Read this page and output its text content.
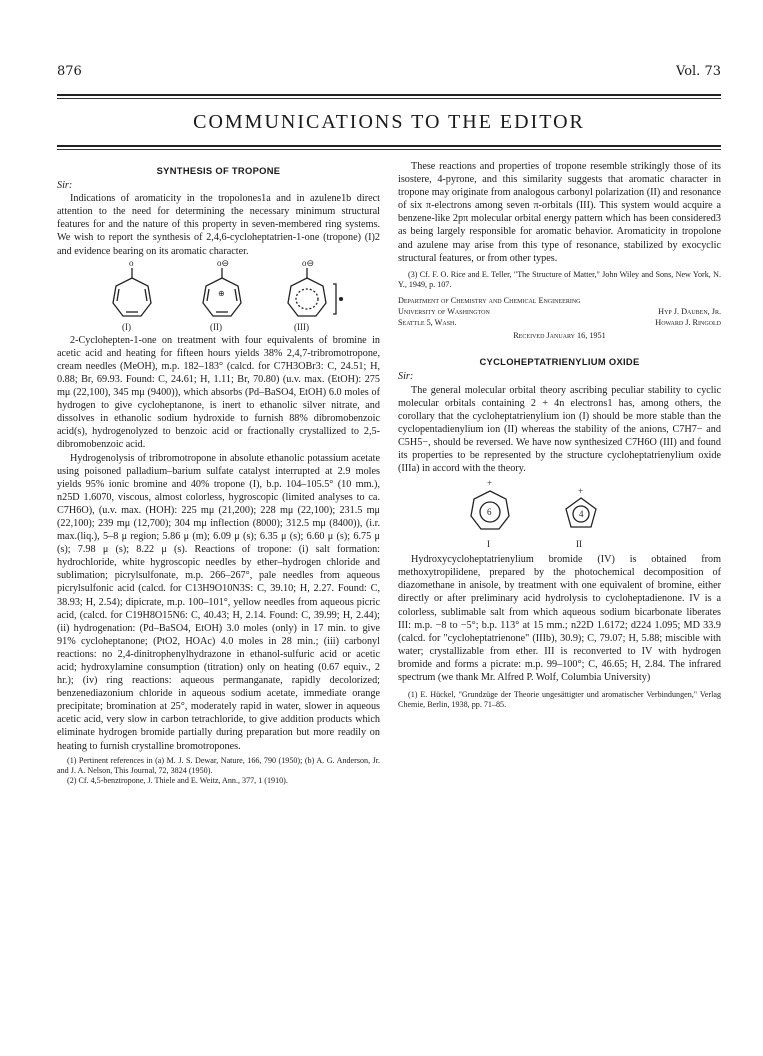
876	Vol. 73
COMMUNICATIONS TO THE EDITOR
SYNTHESIS OF TROPONE

Sir:

Indications of aromaticity in the tropolones1a and in azulene1b direct attention to the need for determining the necessary minimum structural features for and the nature of this property in seven-membered ring systems. We wish to report the synthesis of 2,4,6-cycloheptatrien-1-one (tropone) (I)2 and evidence bearing on its aromatic character.

⊕
o	o⊖	o⊖
(I)	(II)	(III)

2-Cyclohepten-1-one on treatment with four equivalents of bromine in acetic acid and heating for fifteen hours yields 38% 2,4,7-tribromotropone, cream needles (MeOH), m.p. 182–183° (calcd. for C7H3OBr3: C, 24.51; H, 0.88; Br, 69.93. Found: C, 24.61; H, 1.11; Br, 70.80) (u.v. max. (EtOH): 275 mμ (22,100), 345 mμ (9400)), which absorbs (Pd–BaSO4, EtOH) 6.0 moles of hydrogen to give cycloheptanone, is inert to ethanolic silver nitrate, and dissolves in ethanolic sodium hydroxide to furnish 88% dibromobenzoic acid(s), hydrogenolyzed to benzoic acid or fractionally crystallized to 2,5-dibromobenzoic acid.

Hydrogenolysis of tribromotropone in absolute ethanolic potassium acetate using poisoned palladium–barium sulfate catalyst interrupted at 2.9 moles yields 95% ionic bromine and 40% tropone (I), b.p. 104–105.5° (10 mm.), n25D 1.6070, viscous, almost colorless, hygroscopic (limited analyses to ca. C7H6O), (u.v. max. (HOH): 225 mμ (21,200); 228 mμ (22,100); 231.5 mμ (22,100); 239 mμ (12,700); 304 mμ inflection (8000); 312.5 mμ (8400)), (i.r. max.(liq.), 5–8 μ region; 5.86 μ (m); 6.09 μ (s); 6.35 μ (s); 6.60 μ (s); 6.75 μ (s); 7.98 μ (s); 8.22 μ (s). Reactions of tropone: (i) salt formation: hydrochloride, white hygroscopic needles by ether–hydrogen chloride and sublimation; picrylsulfonate, m.p. 266–267°, pale needles from aqueous picrylsulfonic acid (calcd. for C13H9O10N3S: C, 39.10; H, 2.27. Found: C, 38.93; H, 2.54); dipicrate, m.p. 100–101°, yellow needles from aqueous picric acid, (calcd. for C19H8O15N6: C, 40.43; H, 2.14. Found: C, 39.99; H, 2.44); (ii) hydrogenation: (Pd–BaSO4, EtOH) 3.0 moles (only) in 17 min. to give 91% cycloheptanone; (PtO2, HOAc) 4.0 moles in 28 min.; (iii) carbonyl reactions: no 2,4-dinitrophenylhydrazone in ethanol-sulfuric acid or acetic acid; hydroxylamine consumption (titration) only on heating (0.67 equiv., 2 hr.); (iv) ring reactions: aqueous permanganate, rapidly decolorized; benzenediazonium chloride in aqueous sodium acetate, immediate orange precipitate; bromination at 25°, moderately rapid in water, slower in aqueous acetic acid, very slow in carbon tetrachloride, to give addition products which eliminate hydrogen bromide partially during preparation but more readily on heating to furnish crystalline bromotropones.

(1) Pertinent references in (a) M. J. S. Dewar, Nature, 166, 790 (1950); (b) A. G. Anderson, Jr. and J. A. Nelson, This Journal, 72, 3824 (1950).

(2) Cf. 4,5-benztropone, J. Thiele and E. Weitz, Ann., 377, 1 (1910).

These reactions and properties of tropone resemble strikingly those of its isostere, 4-pyrone, and this similarity suggests that aromatic character in tropone may originate from analogous carbonyl polarization (II) and resonance of six π-electrons among seven π-orbitals (III). This system would acquire a benzene-like 2pπ molecular orbital energy pattern which has been considered3 as being largely responsible for aromatic behavior. Aromaticity in tropolone and azulene may arise from this type of resonance, stabilized by exocyclic structural features, or from other types.

(3) Cf. F. O. Rice and E. Teller, "The Structure of Matter," John Wiley and Sons, New York, N. Y., 1949, p. 107.

Department of Chemistry and Chemical Engineering
University of Washington	Hyp J. Dauben, Jr.
Seattle 5, Wash.	Howard J. Ringold
Received January 16, 1951
CYCLOHEPTATRIENYLIUM OXIDE

Sir:

The general molecular orbital theory ascribing peculiar stability to cyclic molecular orbitals containing 2 + 4n electrons1 has, among others, the corollary that the cycloheptatrienylium ion (I) should be more stable than the cyclopentadienylium ion (II) whereas the stability of the anions, C7H7− and C5H5−, should be reversed. We have now synthesized C7H6O (III) and found its properties to be represented by the structure cycloheptatrienylium oxide (IIIa) in accord with the theory.

+
+
6	4
I	II

Hydroxycycloheptatrienylium bromide (IV) is obtained from methoxytropilidene, prepared by the photochemical decomposition of diazomethane in anisole, by treatment with one equivalent of bromine, either directly or after preliminary acid hydrolysis to cycloheptadienone. IV is a colorless, sublimable salt from which aqueous sodium bicarbonate liberates III: m.p. −8 to −5°; b.p. 113° at 15 mm.; n22D 1.6172; d224 1.095; MD 33.9 (calcd. for "cycloheptatrienone" (IIIb), 30.9); C, 79.07; H, 5.88; miscible with water; crystallizable from ether. III is reconverted to IV with hydrogen bromide and forms a picrate: m.p. 99–100°; C, 46.65; H, 2.84. The infrared spectrum (we thank Mr. Alfred P. Wolf, Columbia University)

(1) E. Hückel, "Grundzüge der Theorie ungesättigter und aromatischer Verbindungen," Verlag Chemie, Berlin, 1938, pp. 71–85.
